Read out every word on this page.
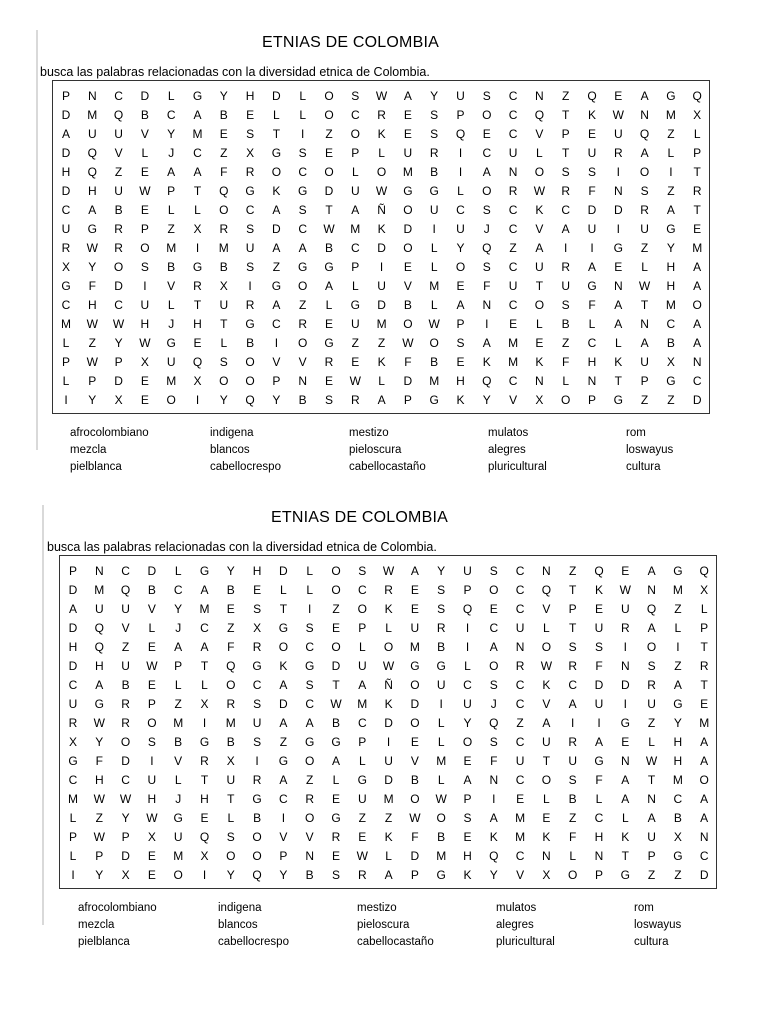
ETNIAS DE COLOMBIA
busca las palabras relacionadas con la diversidad etnica de Colombia.
P	N	C	D	L	G	Y	H	D	L	O	S	W	A	Y	U	S	C	N	Z	Q	E	A	G	Q
D	M	Q	B	C	A	B	E	L	L	O	C	R	E	S	P	O	C	Q	T	K	W	N	M	X
A	U	U	V	Y	M	E	S	T	I	Z	O	K	E	S	Q	E	C	V	P	E	U	Q	Z	L
D	Q	V	L	J	C	Z	X	G	S	E	P	L	U	R	I	C	U	L	T	U	R	A	L	P
H	Q	Z	E	A	A	F	R	O	C	O	L	O	M	B	I	A	N	O	S	S	I	O	I	T
D	H	U	W	P	T	Q	G	K	G	D	U	W	G	G	L	O	R	W	R	F	N	S	Z	R
C	A	B	E	L	L	O	C	A	S	T	A	Ñ	O	U	C	S	C	K	C	D	D	R	A	T
U	G	R	P	Z	X	R	S	D	C	W	M	K	D	I	U	J	C	V	A	U	I	U	G	E
R	W	R	O	M	I	M	U	A	A	B	C	D	O	L	Y	Q	Z	A	I	I	G	Z	Y	M
X	Y	O	S	B	G	B	S	Z	G	G	P	I	E	L	O	S	C	U	R	A	E	L	H	A
G	F	D	I	V	R	X	I	G	O	A	L	U	V	M	E	F	U	T	U	G	N	W	H	A
C	H	C	U	L	T	U	R	A	Z	L	G	D	B	L	A	N	C	O	S	F	A	T	M	O
M	W	W	H	J	H	T	G	C	R	E	U	M	O	W	P	I	E	L	B	L	A	N	C	A
L	Z	Y	W	G	E	L	B	I	O	G	Z	Z	W	O	S	A	M	E	Z	C	L	A	B	A
P	W	P	X	U	Q	S	O	V	V	R	E	K	F	B	E	K	M	K	F	H	K	U	X	N
L	P	D	E	M	X	O	O	P	N	E	W	L	D	M	H	Q	C	N	L	N	T	P	G	C
I	Y	X	E	O	I	Y	Q	Y	B	S	R	A	P	G	K	Y	V	X	O	P	G	Z	Z	D
afrocolombiano	indigena	mestizo	mulatos	rom
mezcla	blancos	pieloscura	alegres	loswayus
pielblanca	cabellocrespo	cabellocastaño	pluricultural	cultura
ETNIAS DE COLOMBIA
busca las palabras relacionadas con la diversidad etnica de Colombia.
P	N	C	D	L	G	Y	H	D	L	O	S	W	A	Y	U	S	C	N	Z	Q	E	A	G	Q
D	M	Q	B	C	A	B	E	L	L	O	C	R	E	S	P	O	C	Q	T	K	W	N	M	X
A	U	U	V	Y	M	E	S	T	I	Z	O	K	E	S	Q	E	C	V	P	E	U	Q	Z	L
D	Q	V	L	J	C	Z	X	G	S	E	P	L	U	R	I	C	U	L	T	U	R	A	L	P
H	Q	Z	E	A	A	F	R	O	C	O	L	O	M	B	I	A	N	O	S	S	I	O	I	T
D	H	U	W	P	T	Q	G	K	G	D	U	W	G	G	L	O	R	W	R	F	N	S	Z	R
C	A	B	E	L	L	O	C	A	S	T	A	Ñ	O	U	C	S	C	K	C	D	D	R	A	T
U	G	R	P	Z	X	R	S	D	C	W	M	K	D	I	U	J	C	V	A	U	I	U	G	E
R	W	R	O	M	I	M	U	A	A	B	C	D	O	L	Y	Q	Z	A	I	I	G	Z	Y	M
X	Y	O	S	B	G	B	S	Z	G	G	P	I	E	L	O	S	C	U	R	A	E	L	H	A
G	F	D	I	V	R	X	I	G	O	A	L	U	V	M	E	F	U	T	U	G	N	W	H	A
C	H	C	U	L	T	U	R	A	Z	L	G	D	B	L	A	N	C	O	S	F	A	T	M	O
M	W	W	H	J	H	T	G	C	R	E	U	M	O	W	P	I	E	L	B	L	A	N	C	A
L	Z	Y	W	G	E	L	B	I	O	G	Z	Z	W	O	S	A	M	E	Z	C	L	A	B	A
P	W	P	X	U	Q	S	O	V	V	R	E	K	F	B	E	K	M	K	F	H	K	U	X	N
L	P	D	E	M	X	O	O	P	N	E	W	L	D	M	H	Q	C	N	L	N	T	P	G	C
I	Y	X	E	O	I	Y	Q	Y	B	S	R	A	P	G	K	Y	V	X	O	P	G	Z	Z	D
afrocolombiano	indigena	mestizo	mulatos	rom
mezcla	blancos	pieloscura	alegres	loswayus
pielblanca	cabellocrespo	cabellocastaño	pluricultural	cultura
